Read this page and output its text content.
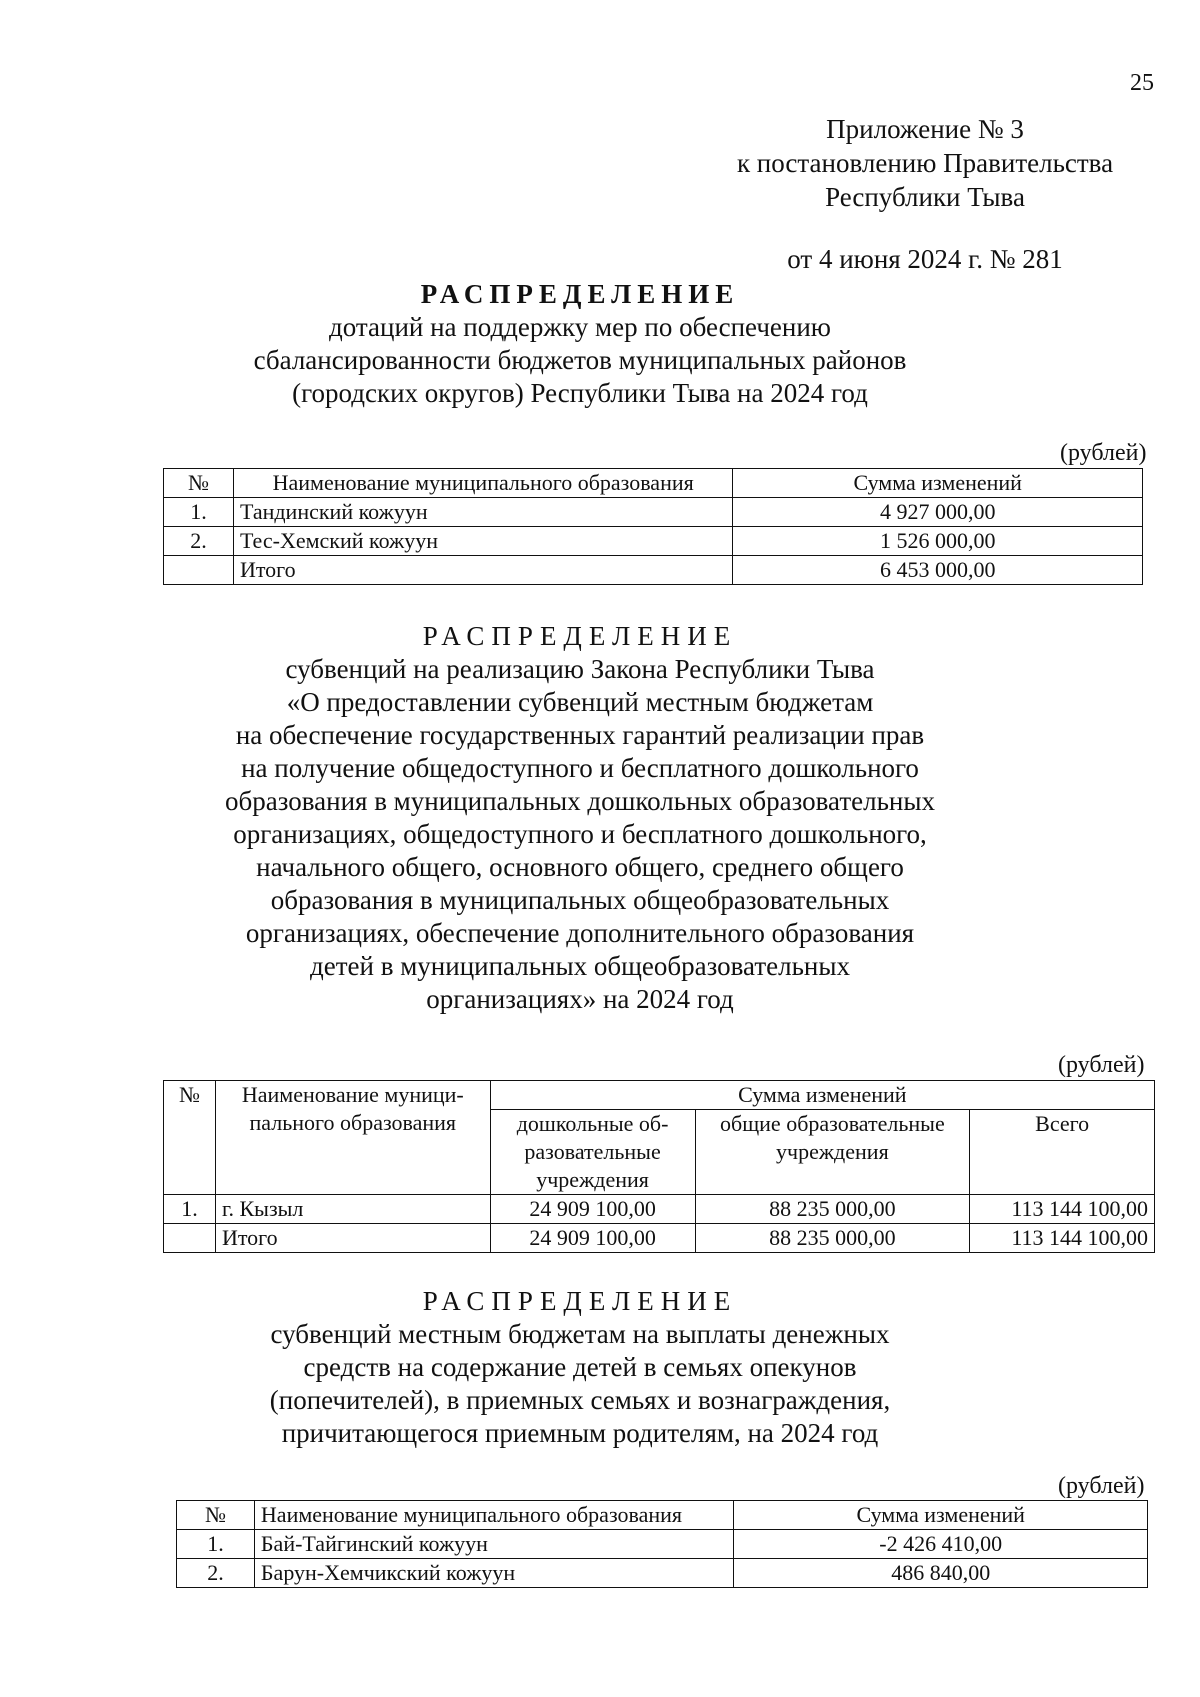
25
Приложение № 3
к постановлению Правительства
Республики Тыва
от 4 июня 2024 г. № 281
РАСПРЕДЕЛЕНИЕ
дотаций на поддержку мер по обеспечению
сбалансированности бюджетов муниципальных районов
(городских округов) Республики Тыва на 2024 год
(рублей)
№	Наименование муниципального образования	Сумма изменений
1.	Тандинский кожуун	4 927 000,00
2.	Тес-Хемский кожуун	1 526 000,00
	Итого	6 453 000,00
РАСПРЕДЕЛЕНИЕ
субвенций на реализацию Закона Республики Тыва
«О предоставлении субвенций местным бюджетам
на обеспечение государственных гарантий реализации прав
на получение общедоступного и бесплатного дошкольного
образования в муниципальных дошкольных образовательных
организациях, общедоступного и бесплатного дошкольного,
начального общего, основного общего, среднего общего
образования в муниципальных общеобразовательных
организациях, обеспечение дополнительного образования
детей в муниципальных общеобразовательных
организациях» на 2024 год
(рублей)
№	Наименование муници-пального образования	Сумма изменений		
		дошкольные об-разовательные учреждения	общие образовательные учреждения	Всего
1.	г. Кызыл	24 909 100,00	88 235 000,00	113 144 100,00
	Итого	24 909 100,00	88 235 000,00	113 144 100,00
РАСПРЕДЕЛЕНИЕ
субвенций местным бюджетам на выплаты денежных
средств на содержание детей в семьях опекунов
(попечителей), в приемных семьях и вознаграждения,
причитающегося приемным родителям, на 2024 год
(рублей)
№	Наименование муниципального образования	Сумма изменений
1.	Бай-Тайгинский кожуун	-2 426 410,00
2.	Барун-Хемчикский кожуун	486 840,00
